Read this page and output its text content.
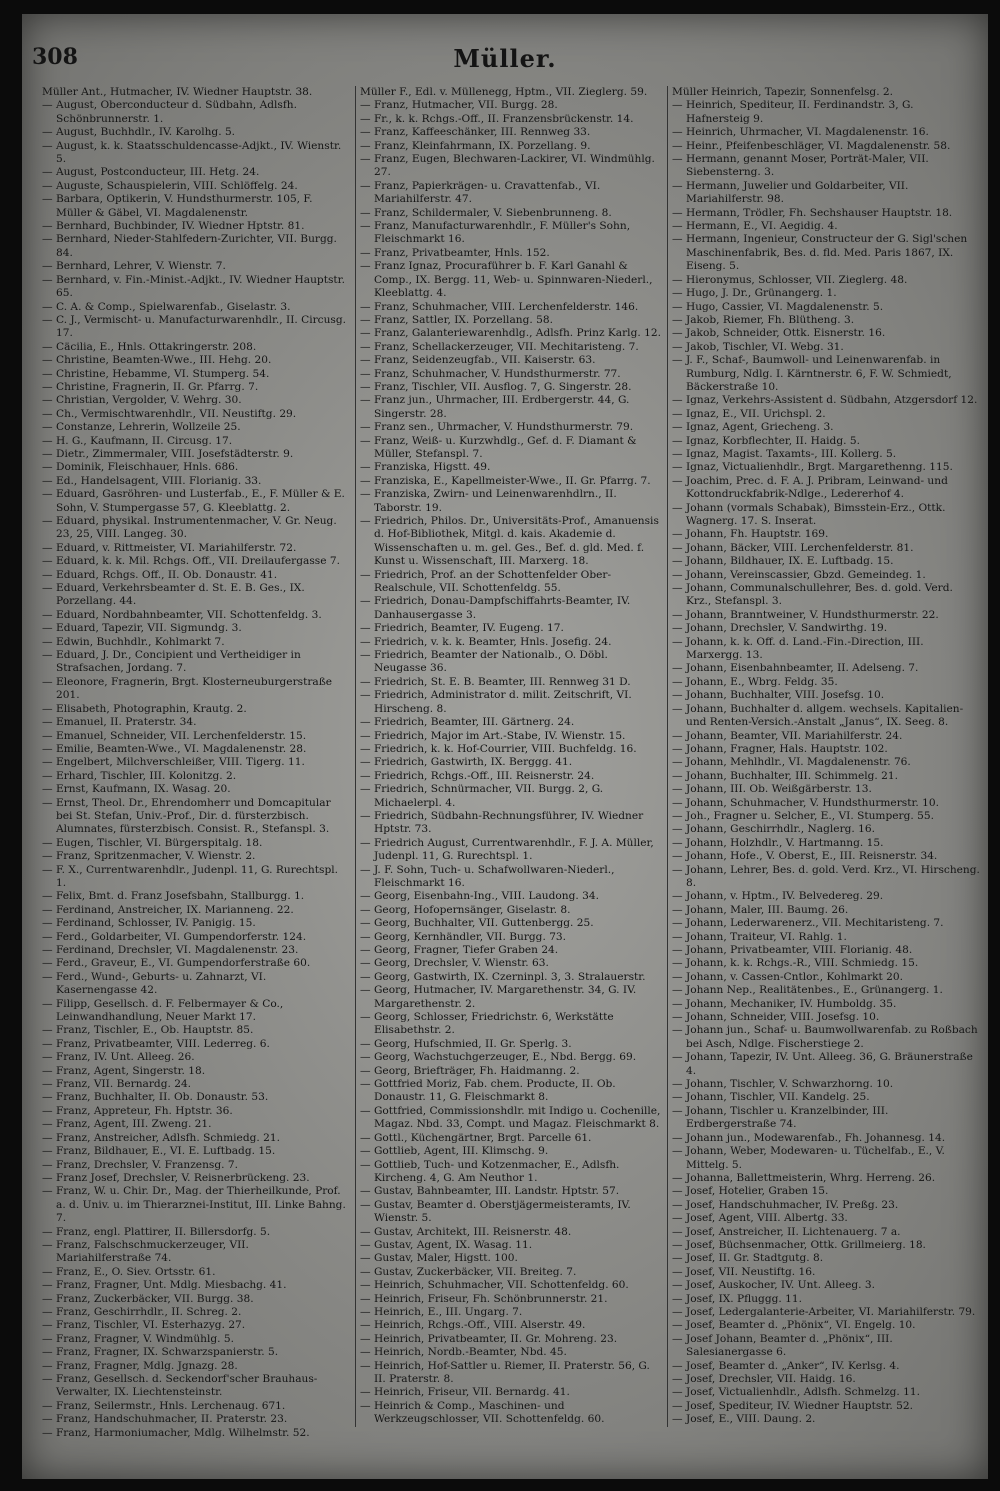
308	Müller.
Müller Ant., Hutmacher, IV. Wiedner Hauptstr. 38.
— August, Oberconducteur d. Südbahn, Adlsfh. Schönbrunnerstr. 1.
— August, Buchhdlr., IV. Karolhg. 5.
— August, k. k. Staatsschuldencasse-Adjkt., IV. Wienstr. 5.
— August, Postconducteur, III. Hetg. 24.
— Auguste, Schauspielerin, VIII. Schlöffelg. 24.
— Barbara, Optikerin, V. Hundsthurmerstr. 105, F. Müller & Gäbel, VI. Magdalenenstr.
— Bernhard, Buchbinder, IV. Wiedner Hptstr. 81.
— Bernhard, Nieder-Stahlfedern-Zurichter, VII. Burgg. 84.
— Bernhard, Lehrer, V. Wienstr. 7.
— Bernhard, v. Fin.-Minist.-Adjkt., IV. Wiedner Hauptstr. 65.
— C. A. & Comp., Spielwarenfab., Giselastr. 3.
— C. J., Vermischt- u. Manufacturwarenhdlr., II. Circusg. 17.
— Cäcilia, E., Hnls. Ottakringerstr. 208.
— Christine, Beamten-Wwe., III. Hehg. 20.
— Christine, Hebamme, VI. Stumperg. 54.
— Christine, Fragnerin, II. Gr. Pfarrg. 7.
— Christian, Vergolder, V. Wehrg. 30.
— Ch., Vermischtwarenhdlr., VII. Neustiftg. 29.
— Constanze, Lehrerin, Wollzeile 25.
— H. G., Kaufmann, II. Circusg. 17.
— Dietr., Zimmermaler, VIII. Josefstädterstr. 9.
— Dominik, Fleischhauer, Hnls. 686.
— Ed., Handelsagent, VIII. Florianig. 33.
— Eduard, Gasröhren- und Lusterfab., E., F. Müller & E. Sohn, V. Stumpergasse 57, G. Kleeblattg. 2.
— Eduard, physikal. Instrumentenmacher, V. Gr. Neug. 23, 25, VIII. Langeg. 30.
— Eduard, v. Rittmeister, VI. Mariahilferstr. 72.
— Eduard, k. k. Mil. Rchgs. Off., VII. Dreilaufergasse 7.
— Eduard, Rchgs. Off., II. Ob. Donaustr. 41.
— Eduard, Verkehrsbeamter d. St. E. B. Ges., IX. Porzellang. 44.
— Eduard, Nordbahnbeamter, VII. Schottenfeldg. 3.
— Eduard, Tapezir, VII. Sigmundg. 3.
— Edwin, Buchhdlr., Kohlmarkt 7.
— Eduard, J. Dr., Concipient und Vertheidiger in Strafsachen, Jordang. 7.
— Eleonore, Fragnerin, Brgt. Klosterneuburgerstraße 201.
— Elisabeth, Photographin, Krautg. 2.
— Emanuel, II. Praterstr. 34.
— Emanuel, Schneider, VII. Lerchenfelderstr. 15.
— Emilie, Beamten-Wwe., VI. Magdalenenstr. 28.
— Engelbert, Milchverschleißer, VIII. Tigerg. 11.
— Erhard, Tischler, III. Kolonitzg. 2.
— Ernst, Kaufmann, IX. Wasag. 20.
— Ernst, Theol. Dr., Ehrendomherr und Domcapitular bei St. Stefan, Univ.-Prof., Dir. d. fürsterzbisch. Alumnates, fürsterzbisch. Consist. R., Stefanspl. 3.
— Eugen, Tischler, VI. Bürgerspitalg. 18.
— Franz, Spritzenmacher, V. Wienstr. 2.
— F. X., Currentwarenhdlr., Judenpl. 11, G. Rurechtspl. 1.
— Felix, Bmt. d. Franz Josefsbahn, Stallburgg. 1.
— Ferdinand, Anstreicher, IX. Marianneng. 22.
— Ferdinand, Schlosser, IV. Panigig. 15.
— Ferd., Goldarbeiter, VI. Gumpendorferstr. 124.
— Ferdinand, Drechsler, VI. Magdalenenstr. 23.
— Ferd., Graveur, E., VI. Gumpendorferstraße 60.
— Ferd., Wund-, Geburts- u. Zahnarzt, VI. Kasernengasse 42.
— Filipp, Gesellsch. d. F. Felbermayer & Co., Leinwandhandlung, Neuer Markt 17.
— Franz, Tischler, E., Ob. Hauptstr. 85.
— Franz, Privatbeamter, VIII. Lederreg. 6.
— Franz, IV. Unt. Alleeg. 26.
— Franz, Agent, Singerstr. 18.
— Franz, VII. Bernardg. 24.
— Franz, Buchhalter, II. Ob. Donaustr. 53.
— Franz, Appreteur, Fh. Hptstr. 36.
— Franz, Agent, III. Zweng. 21.
— Franz, Anstreicher, Adlsfh. Schmiedg. 21.
— Franz, Bildhauer, E., VI. E. Luftbadg. 15.
— Franz, Drechsler, V. Franzensg. 7.
— Franz Josef, Drechsler, V. Reisnerbrückeng. 23.
— Franz, W. u. Chir. Dr., Mag. der Thierheilkunde, Prof. a. d. Univ. u. im Thierarznei-Institut, III. Linke Bahng. 7.
— Franz, engl. Plattirer, II. Billersdorfg. 5.
— Franz, Falschschmuckerzeuger, VII. Mariahilferstraße 74.
— Franz, E., O. Siev. Ortsstr. 61.
— Franz, Fragner, Unt. Mdlg. Miesbachg. 41.
— Franz, Zuckerbäcker, VII. Burgg. 38.
— Franz, Geschirrhdlr., II. Schreg. 2.
— Franz, Tischler, VI. Esterhazyg. 27.
— Franz, Fragner, V. Windmühlg. 5.
— Franz, Fragner, IX. Schwarzspanierstr. 5.
— Franz, Fragner, Mdlg. Jgnazg. 28.
— Franz, Gesellsch. d. Seckendorf'scher Brauhaus-Verwalter, IX. Liechtensteinstr.
— Franz, Seilermstr., Hnls. Lerchenaug. 671.
— Franz, Handschuhmacher, II. Praterstr. 23.
— Franz, Harmoniumacher, Mdlg. Wilhelmstr. 52.
Müller F., Edl. v. Müllenegg, Hptm., VII. Zieglerg. 59.
— Franz, Hutmacher, VII. Burgg. 28.
— Fr., k. k. Rchgs.-Off., II. Franzensbrückenstr. 14.
— Franz, Kaffeeschänker, III. Rennweg 33.
— Franz, Kleinfahrmann, IX. Porzellang. 9.
— Franz, Eugen, Blechwaren-Lackirer, VI. Windmühlg. 27.
— Franz, Papierkrägen- u. Cravattenfab., VI. Mariahilferstr. 47.
— Franz, Schildermaler, V. Siebenbrunneng. 8.
— Franz, Manufacturwarenhdlr., F. Müller's Sohn, Fleischmarkt 16.
— Franz, Privatbeamter, Hnls. 152.
— Franz Ignaz, Procuraführer b. F. Karl Ganahl & Comp., IX. Bergg. 11, Web- u. Spinnwaren-Niederl., Kleeblattg. 4.
— Franz, Schuhmacher, VIII. Lerchenfelderstr. 146.
— Franz, Sattler, IX. Porzellang. 58.
— Franz, Galanteriewarenhdlg., Adlsfh. Prinz Karlg. 12.
— Franz, Schellackerzeuger, VII. Mechitaristeng. 7.
— Franz, Seidenzeugfab., VII. Kaiserstr. 63.
— Franz, Schuhmacher, V. Hundsthurmerstr. 77.
— Franz, Tischler, VII. Ausflog. 7, G. Singerstr. 28.
— Franz jun., Uhrmacher, III. Erdbergerstr. 44, G. Singerstr. 28.
— Franz sen., Uhrmacher, V. Hundsthurmerstr. 79.
— Franz, Weiß- u. Kurzwhdlg., Gef. d. F. Diamant & Müller, Stefanspl. 7.
— Franziska, Higstt. 49.
— Franziska, E., Kapellmeister-Wwe., II. Gr. Pfarrg. 7.
— Franziska, Zwirn- und Leinenwarenhdlrn., II. Taborstr. 19.
— Friedrich, Philos. Dr., Universitäts-Prof., Amanuensis d. Hof-Bibliothek, Mitgl. d. kais. Akademie d. Wissenschaften u. m. gel. Ges., Bef. d. gld. Med. f. Kunst u. Wissenschaft, III. Marxerg. 18.
— Friedrich, Prof. an der Schottenfelder Ober-Realschule, VII. Schottenfeldg. 55.
— Friedrich, Donau-Dampfschiffahrts-Beamter, IV. Danhausergasse 3.
— Friedrich, Beamter, IV. Eugeng. 17.
— Friedrich, v. k. k. Beamter, Hnls. Josefig. 24.
— Friedrich, Beamter der Nationalb., O. Döbl. Neugasse 36.
— Friedrich, St. E. B. Beamter, III. Rennweg 31 D.
— Friedrich, Administrator d. milit. Zeitschrift, VI. Hirscheng. 8.
— Friedrich, Beamter, III. Gärtnerg. 24.
— Friedrich, Major im Art.-Stabe, IV. Wienstr. 15.
— Friedrich, k. k. Hof-Courrier, VIII. Buchfeldg. 16.
— Friedrich, Gastwirth, IX. Berggg. 41.
— Friedrich, Rchgs.-Off., III. Reisnerstr. 24.
— Friedrich, Schnürmacher, VII. Burgg. 2, G. Michaelerpl. 4.
— Friedrich, Südbahn-Rechnungsführer, IV. Wiedner Hptstr. 73.
— Friedrich August, Currentwarenhdlr., F. J. A. Müller, Judenpl. 11, G. Rurechtspl. 1.
— J. F. Sohn, Tuch- u. Schafwollwaren-Niederl., Fleischmarkt 16.
— Georg, Eisenbahn-Ing., VIII. Laudong. 34.
— Georg, Hofopernsänger, Giselastr. 8.
— Georg, Buchhalter, VII. Guttenbergg. 25.
— Georg, Kernhändler, VII. Burgg. 73.
— Georg, Fragner, Tiefer Graben 24.
— Georg, Drechsler, V. Wienstr. 63.
— Georg, Gastwirth, IX. Czerninpl. 3, 3. Stralauerstr.
— Georg, Hutmacher, IV. Margarethenstr. 34, G. IV. Margarethenstr. 2.
— Georg, Schlosser, Friedrichstr. 6, Werkstätte Elisabethstr. 2.
— Georg, Hufschmied, II. Gr. Sperlg. 3.
— Georg, Wachstuchgerzeuger, E., Nbd. Bergg. 69.
— Georg, Briefträger, Fh. Haidmanng. 2.
— Gottfried Moriz, Fab. chem. Producte, II. Ob. Donaustr. 11, G. Fleischmarkt 8.
— Gottfried, Commissionshdlr. mit Indigo u. Cochenille, Magaz. Nbd. 33, Compt. und Magaz. Fleischmarkt 8.
— Gottl., Küchengärtner, Brgt. Parcelle 61.
— Gottlieb, Agent, III. Klimschg. 9.
— Gottlieb, Tuch- und Kotzenmacher, E., Adlsfh. Kircheng. 4, G. Am Neuthor 1.
— Gustav, Bahnbeamter, III. Landstr. Hptstr. 57.
— Gustav, Beamter d. Oberstjägermeisteramts, IV. Wienstr. 5.
— Gustav, Architekt, III. Reisnerstr. 48.
— Gustav, Agent, IX. Wasag. 11.
— Gustav, Maler, Higstt. 100.
— Gustav, Zuckerbäcker, VII. Breiteg. 7.
— Heinrich, Schuhmacher, VII. Schottenfeldg. 60.
— Heinrich, Friseur, Fh. Schönbrunnerstr. 21.
— Heinrich, E., III. Ungarg. 7.
— Heinrich, Rchgs.-Off., VIII. Alserstr. 49.
— Heinrich, Privatbeamter, II. Gr. Mohreng. 23.
— Heinrich, Nordb.-Beamter, Nbd. 45.
— Heinrich, Hof-Sattler u. Riemer, II. Praterstr. 56, G. II. Praterstr. 8.
— Heinrich, Friseur, VII. Bernardg. 41.
— Heinrich & Comp., Maschinen- und Werkzeugschlosser, VII. Schottenfeldg. 60.
Müller Heinrich, Tapezir, Sonnenfelsg. 2.
— Heinrich, Spediteur, II. Ferdinandstr. 3, G. Hafnersteig 9.
— Heinrich, Uhrmacher, VI. Magdalenenstr. 16.
— Heinr., Pfeifenbeschläger, VI. Magdalenenstr. 58.
— Hermann, genannt Moser, Porträt-Maler, VII. Siebensterng. 3.
— Hermann, Juwelier und Goldarbeiter, VII. Mariahilferstr. 98.
— Hermann, Trödler, Fh. Sechshauser Hauptstr. 18.
— Hermann, E., VI. Aegidig. 4.
— Hermann, Ingenieur, Constructeur der G. Sigl'schen Maschinenfabrik, Bes. d. fld. Med. Paris 1867, IX. Eiseng. 5.
— Hieronymus, Schlosser, VII. Zieglerg. 48.
— Hugo, J. Dr., Grünangerg. 1.
— Hugo, Cassier, VI. Magdalenenstr. 5.
— Jakob, Riemer, Fh. Blütheng. 3.
— Jakob, Schneider, Ottk. Eisnerstr. 16.
— Jakob, Tischler, VI. Webg. 31.
— J. F., Schaf-, Baumwoll- und Leinenwarenfab. in Rumburg, Ndlg. I. Kärntnerstr. 6, F. W. Schmiedt, Bäckerstraße 10.
— Ignaz, Verkehrs-Assistent d. Südbahn, Atzgersdorf 12.
— Ignaz, E., VII. Urichspl. 2.
— Ignaz, Agent, Griecheng. 3.
— Ignaz, Korbflechter, II. Haidg. 5.
— Ignaz, Magist. Taxamts-, III. Kollerg. 5.
— Ignaz, Victualienhdlr., Brgt. Margarethenng. 115.
— Joachim, Prec. d. F. A. J. Pribram, Leinwand- und Kottondruckfabrik-Ndlge., Ledererhof 4.
— Johann (vormals Schabak), Bimsstein-Erz., Ottk. Wagnerg. 17. S. Inserat.
— Johann, Fh. Hauptstr. 169.
— Johann, Bäcker, VIII. Lerchenfelderstr. 81.
— Johann, Bildhauer, IX. E. Luftbadg. 15.
— Johann, Vereinscassier, Gbzd. Gemeindeg. 1.
— Johann, Communalschullehrer, Bes. d. gold. Verd. Krz., Stefanspl. 3.
— Johann, Branntweiner, V. Hundsthurmerstr. 22.
— Johann, Drechsler, V. Sandwirthg. 19.
— Johann, k. k. Off. d. Land.-Fin.-Direction, III. Marxergg. 13.
— Johann, Eisenbahnbeamter, II. Adelseng. 7.
— Johann, E., Wbrg. Feldg. 35.
— Johann, Buchhalter, VIII. Josefsg. 10.
— Johann, Buchhalter d. allgem. wechsels. Kapitalien- und Renten-Versich.-Anstalt „Janus“, IX. Seeg. 8.
— Johann, Beamter, VII. Mariahilferstr. 24.
— Johann, Fragner, Hals. Hauptstr. 102.
— Johann, Mehlhdlr., VI. Magdalenenstr. 76.
— Johann, Buchhalter, III. Schimmelg. 21.
— Johann, III. Ob. Weißgärberstr. 13.
— Johann, Schuhmacher, V. Hundsthurmerstr. 10.
— Joh., Fragner u. Selcher, E., VI. Stumperg. 55.
— Johann, Geschirrhdlr., Naglerg. 16.
— Johann, Holzhdlr., V. Hartmanng. 15.
— Johann, Hofe., V. Oberst, E., III. Reisnerstr. 34.
— Johann, Lehrer, Bes. d. gold. Verd. Krz., VI. Hirscheng. 8.
— Johann, v. Hptm., IV. Belvedereg. 29.
— Johann, Maler, III. Baumg. 26.
— Johann, Lederwarenerz., VII. Mechitaristeng. 7.
— Johann, Traiteur, VI. Rahlg. 1.
— Johann, Privatbeamter, VIII. Florianig. 48.
— Johann, k. k. Rchgs.-R., VIII. Schmiedg. 15.
— Johann, v. Cassen-Cntlor., Kohlmarkt 20.
— Johann Nep., Realitätenbes., E., Grünangerg. 1.
— Johann, Mechaniker, IV. Humboldg. 35.
— Johann, Schneider, VIII. Josefsg. 10.
— Johann jun., Schaf- u. Baumwollwarenfab. zu Roßbach bei Asch, Ndlge. Fischerstiege 2.
— Johann, Tapezir, IV. Unt. Alleeg. 36, G. Bräunerstraße 4.
— Johann, Tischler, V. Schwarzhorng. 10.
— Johann, Tischler, VII. Kandelg. 25.
— Johann, Tischler u. Kranzelbinder, III. Erdbergerstraße 74.
— Johann jun., Modewarenfab., Fh. Johannesg. 14.
— Johann, Weber, Modewaren- u. Tüchelfab., E., V. Mittelg. 5.
— Johanna, Ballettmeisterin, Whrg. Herreng. 26.
— Josef, Hotelier, Graben 15.
— Josef, Handschuhmacher, IV. Preßg. 23.
— Josef, Agent, VIII. Albertg. 33.
— Josef, Anstreicher, II. Lichtenauerg. 7 a.
— Josef, Büchsenmacher, Ottk. Grillmeierg. 18.
— Josef, II. Gr. Stadtgutg. 8.
— Josef, VII. Neustiftg. 16.
— Josef, Auskocher, IV. Unt. Alleeg. 3.
— Josef, IX. Pfluggg. 11.
— Josef, Ledergalanterie-Arbeiter, VI. Mariahilferstr. 79.
— Josef, Beamter d. „Phönix“, VI. Engelg. 10.
— Josef Johann, Beamter d. „Phönix“, III. Salesianergasse 6.
— Josef, Beamter d. „Anker“, IV. Kerlsg. 4.
— Josef, Drechsler, VII. Haidg. 16.
— Josef, Victualienhdlr., Adlsfh. Schmelzg. 11.
— Josef, Spediteur, IV. Wiedner Hauptstr. 52.
— Josef, E., VIII. Daung. 2.
